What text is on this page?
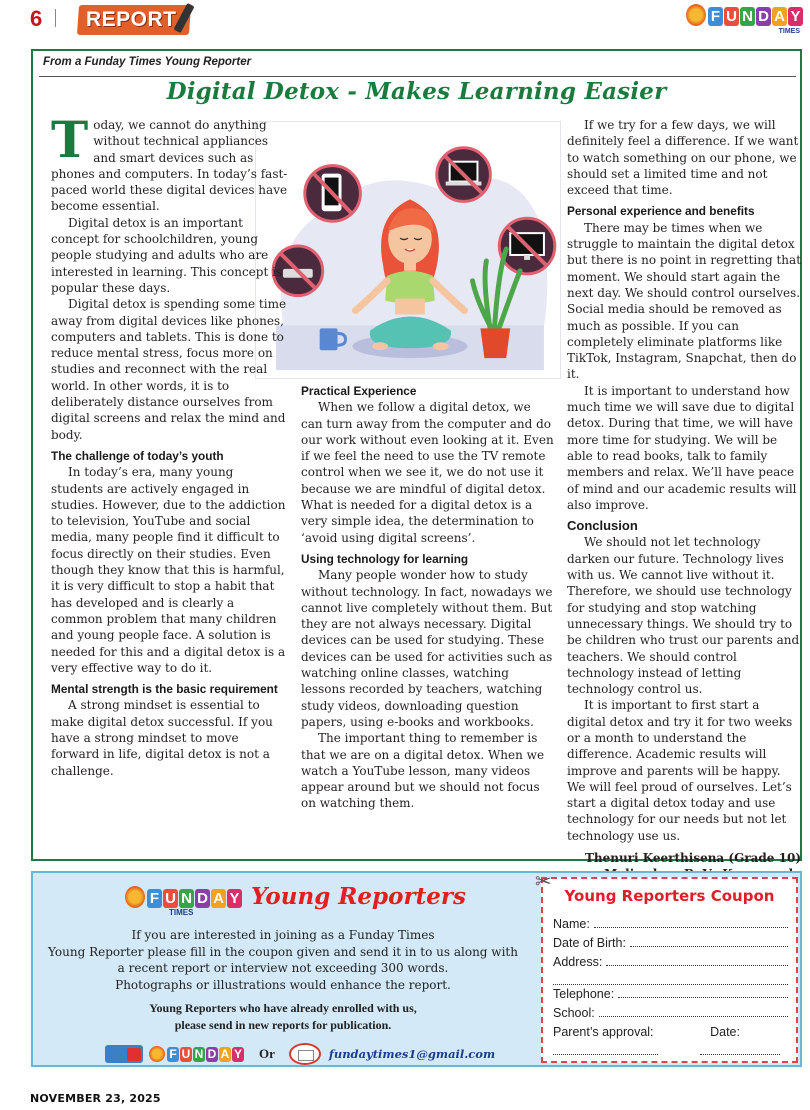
6	REPORT	F U N D A Y
TIMES
From a Funday Times Young Reporter
Digital Detox - Makes Learning Easier
T oday, we cannot do anything without technical appliances and smart devices such as phones and computers. In today’s fast-paced world these digital devices have become essential.

Digital detox is an important concept for schoolchildren, young people studying and adults who are interested in learning. This concept is popular these days.

Digital detox is spending some time away from digital devices like phones, computers and tablets. This is done to reduce mental stress, focus more on studies and reconnect with the real world. In other words, it is to deliberately distance ourselves from digital screens and relax the mind and body.

The challenge of today’s youth

In today’s era, many young students are actively engaged in studies. However, due to the addiction to television, YouTube and social media, many people find it difficult to focus directly on their studies. Even though they know that this is harmful, it is very difficult to stop a habit that has developed and is clearly a common problem that many children and young people face. A solution is needed for this and a digital detox is a very effective way to do it.

Mental strength is the basic requirement

A strong mindset is essential to make digital detox successful. If you have a strong mindset to move forward in life, digital detox is not a challenge.

Practical Experience

When we follow a digital detox, we can turn away from the computer and do our work without even looking at it. Even if we feel the need to use the TV remote control when we see it, we do not use it because we are mindful of digital detox. What is needed for a digital detox is a very simple idea, the determination to ‘avoid using digital screens’.

Using technology for learning

Many people wonder how to study without technology. In fact, nowadays we cannot live completely without them. But they are not always necessary. Digital devices can be used for studying. These devices can be used for activities such as watching online classes, watching lessons recorded by teachers, watching study videos, downloading question papers, using e-books and workbooks.

The important thing to remember is that we are on a digital detox. When we watch a YouTube lesson, many videos appear around but we should not focus on watching them.

If we try for a few days, we will definitely feel a difference. If we want to watch something on our phone, we should set a limited time and not exceed that time.

Personal experience and benefits

There may be times when we struggle to maintain the digital detox but there is no point in regretting that moment. We should start again the next day. We should control ourselves. Social media should be removed as much as possible. If you can completely eliminate platforms like TikTok, Instagram, Snapchat, then do it.

It is important to understand how much time we will save due to digital detox. During that time, we will have more time for studying. We will be able to read books, talk to family members and relax. We’ll have peace of mind and our academic results will also improve.

Conclusion

We should not let technology darken our future. Technology lives with us. We cannot live without it. Therefore, we should use technology for studying and stop watching unnecessary things. We should try to be children who trust our parents and teachers. We should control technology instead of letting technology control us.

It is important to first start a digital detox and try it for two weeks or a month to understand the difference. Academic results will improve and parents will be happy. We will feel proud of ourselves. Let’s start a digital detox today and use technology for our needs but not let technology use us.

Thenuri Keerthisena (Grade 10)
F U N D A Y
TIMES
Young Reporters
If you are interested in joining as a Funday Times
Young Reporter please fill in the coupon given and send it in to us along with
a recent report or interview not exceeding 300 words.
Photographs or illustrations would enhance the report.
Young Reporters who have already enrolled with us,
please send in new reports for publication.
F U N D A Y Or	fundaytimes1@gmail.com
✂
Young Reporters Coupon
Name:
Date of Birth:
Address:
Telephone:
School:
Parent’s approval:	Date:
NOVEMBER 23, 2025
